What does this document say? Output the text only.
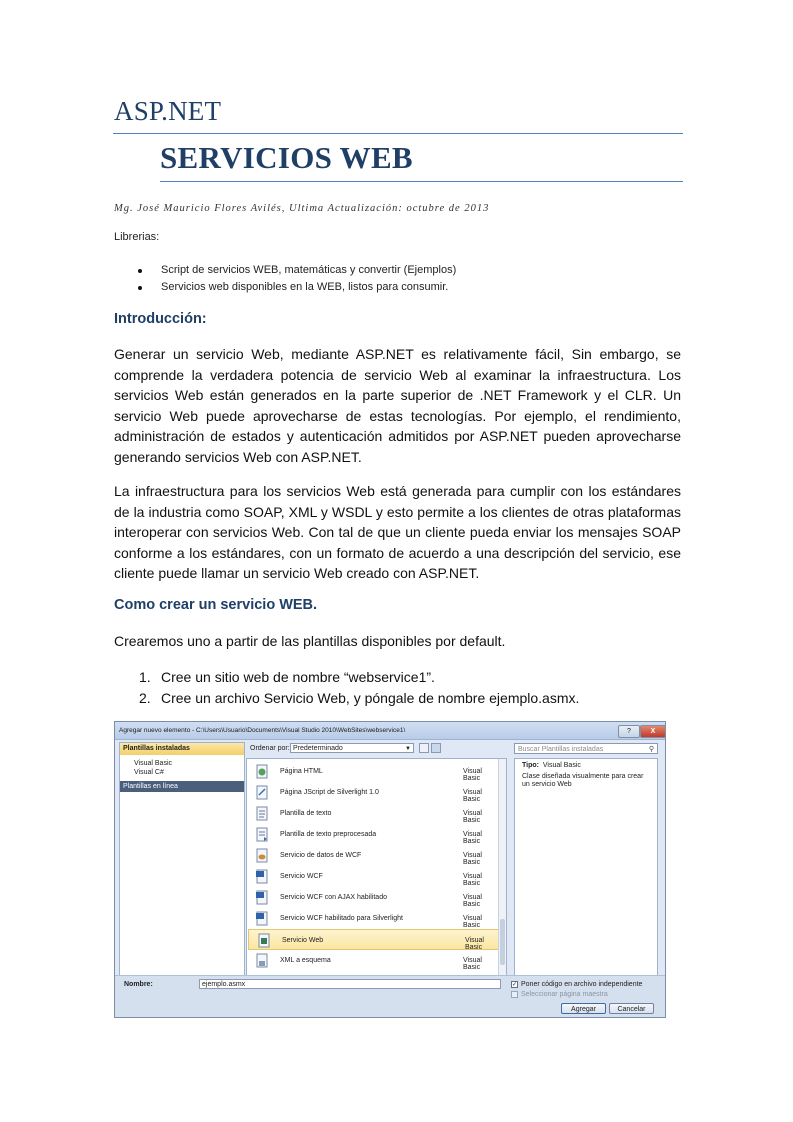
ASP.NET
SERVICIOS WEB
Mg. José Mauricio Flores Avilés, Ultima Actualización: octubre de 2013
Librerias:
Script de servicios WEB, matemáticas y convertir (Ejemplos)
Servicios web disponibles en la WEB, listos para consumir.
Introducción:
Generar un servicio Web, mediante ASP.NET es relativamente fácil, Sin embargo, se comprende la verdadera potencia de servicio Web al examinar la infraestructura. Los servicios Web están generados en la parte superior de .NET Framework y el CLR. Un servicio Web puede aprovecharse de estas tecnologías. Por ejemplo, el rendimiento, administración de estados y autenticación admitidos por ASP.NET pueden aprovecharse generando servicios Web con ASP.NET.
La infraestructura para los servicios Web está generada para cumplir con los estándares de la industria como SOAP, XML y WSDL y esto permite a los clientes de otras plataformas interoperar con servicios Web. Con tal de que un cliente pueda enviar los mensajes SOAP conforme a los estándares, con un formato de acuerdo a una descripción del servicio, ese cliente puede llamar un servicio Web creado con ASP.NET.
Como crear un servicio WEB.
Crearemos uno a partir de las plantillas disponibles por default.
1. Cree un sitio web de nombre “webservice1”.
2. Cree un archivo Servicio Web, y póngale de nombre ejemplo.asmx.
Agregar nuevo elemento - C:\Users\Usuario\Documents\Visual Studio 2010\WebSites\webservice1\	?	X
Plantillas instaladas
Visual Basic
Visual C#
Plantillas en línea
Ordenar por: Predeterminado	▼	Buscar Plantillas instaladas	⚲
Página HTML	Visual Basic
Página JScript de Silverlight 1.0	Visual Basic
Plantilla de texto	Visual Basic
Plantilla de texto preprocesada	Visual Basic
Servicio de datos de WCF	Visual Basic
Servicio WCF	Visual Basic
Servicio WCF con AJAX habilitado	Visual Basic
Servicio WCF habilitado para Silverlight	Visual Basic
Servicio Web	Visual Basic
XML a esquema	Visual Basic
Tipo: Visual Basic
Clase diseñada visualmente para crear un servicio Web
Nombre:	ejemplo.asmx	✓ Poner código en archivo independiente
Seleccionar página maestra
Agregar	Cancelar
